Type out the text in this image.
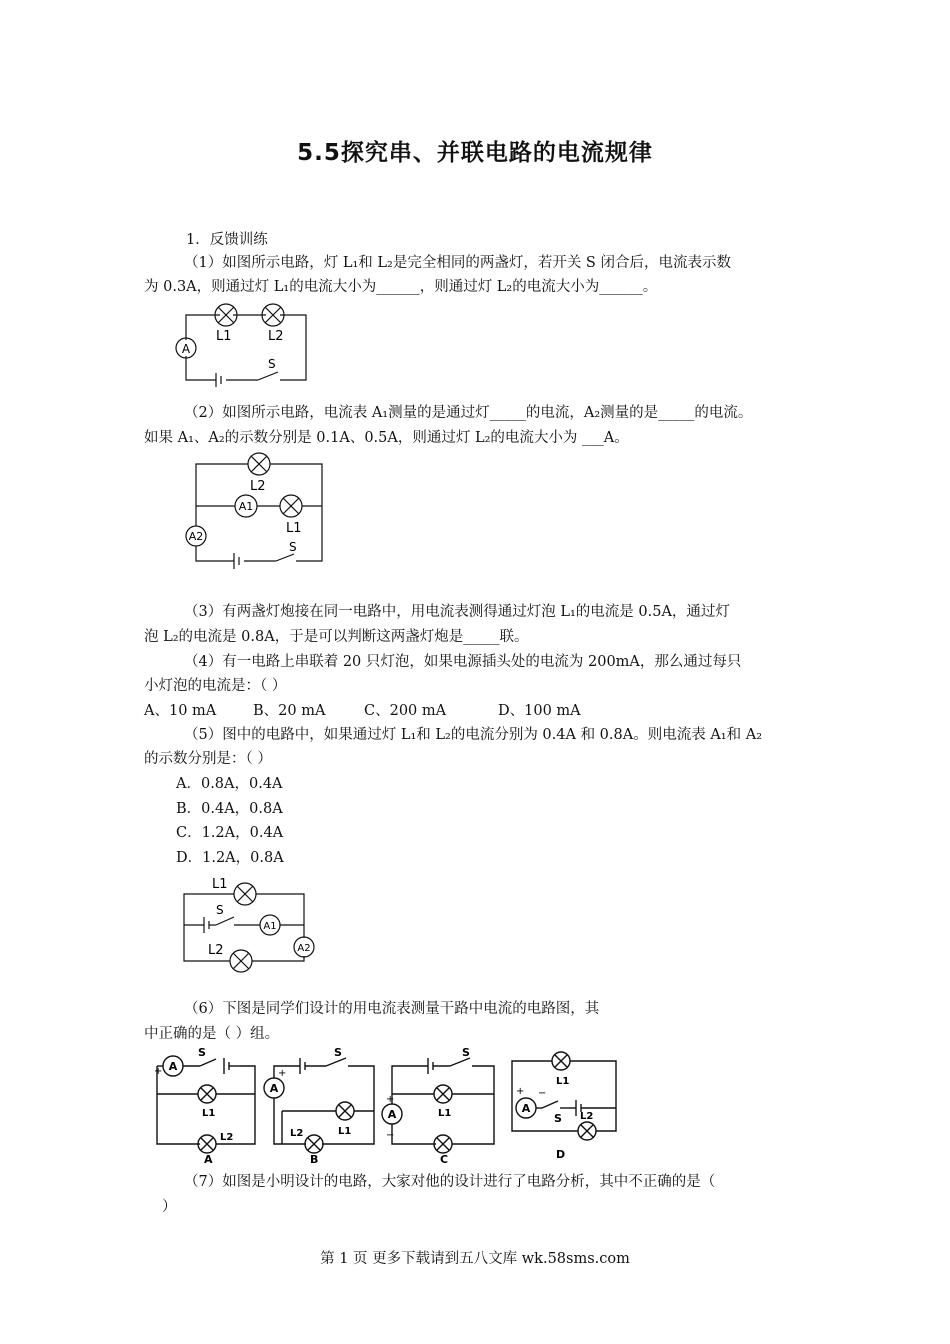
5.5探究串、并联电路的电流规律
1．反馈训练
（1）如图所示电路，灯 L₁和 L₂是完全相同的两盏灯，若开关 S 闭合后，电流表示数
为 0.3A，则通过灯 L₁的电流大小为______，则通过灯 L₂的电流大小为______。
A
L1	L2
S
（2）如图所示电路，电流表 A₁测量的是通过灯_____的电流，A₂测量的是_____的电流。
如果 A₁、A₂的示数分别是 0.1A、0.5A，则通过灯 L₂的电流大小为 ___A。
A1
A2
L2
L1
S
（3）有两盏灯炮接在同一电路中，用电流表测得通过灯泡 L₁的电流是 0.5A，通过灯
泡 L₂的电流是 0.8A，于是可以判断这两盏灯炮是_____联。
（4）有一电路上串联着 20 只灯泡，如果电源插头处的电流为 200mA，那么通过每只
小灯泡的电流是：（ ）
A、10 mA	B、20 mA	C、200 mA	D、100 mA
（5）图中的电路中，如果通过灯 L₁和 L₂的电流分别为 0.4A 和 0.8A。则电流表 A₁和 A₂
的示数分别是：（ ）
A．0.8A，0.4A
B．0.4A，0.8A
C．1.2A，0.4A
D．1.2A，0.8A
L1
L2
S
A1
A2
（6）下图是同学们设计的用电流表测量干路中电流的电路图，其
中正确的是（ ）组。
A
+
S
L1
L2
A
A
+
S
L1
L2
B
A
+
−
S
L1
C
A
+ −
S
L1
L2
D
（7）如图是小明设计的电路，大家对他的设计进行了电路分析，其中不正确的是（
）
第 1 页 更多下载请到五八文库 wk.58sms.com
